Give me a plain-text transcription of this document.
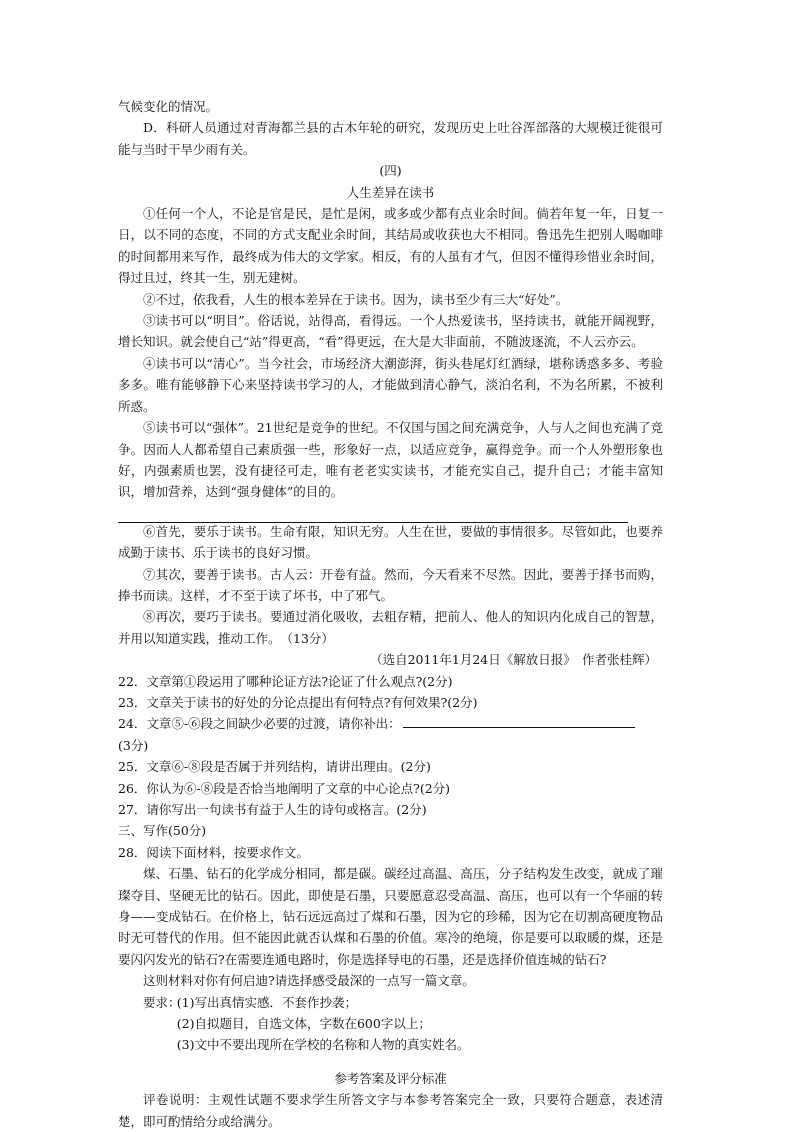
气候变化的情况。

D．科研人员通过对青海都兰县的古木年轮的研究，发现历史上吐谷浑部落的大规模迁徙很可能与当时干旱少雨有关。

(四)

人生差异在读书

①任何一个人，不论是官是民，是忙是闲，或多或少都有点业余时间。倘若年复一年，日复一日，以不同的态度，不同的方式支配业余时间，其结局或收获也大不相同。鲁迅先生把别人喝咖啡的时间都用来写作，最终成为伟大的文学家。相反，有的人虽有才气，但因不懂得珍惜业余时间，得过且过，终其一生，别无建树。

②不过，依我看，人生的根本差异在于读书。因为，读书至少有三大“好处”。

③读书可以“明目”。俗话说，站得高，看得远。一个人热爱读书，坚持读书，就能开阔视野，增长知识。就会使自己“站”得更高，“看”得更远，在大是大非面前，不随波逐流，不人云亦云。

④读书可以“清心”。当今社会，市场经济大潮澎湃，街头巷尾灯红酒绿，堪称诱惑多多、考验多多。唯有能够静下心来坚持读书学习的人，才能做到清心静气，淡泊名利，不为名所累，不被利所惑。

⑤读书可以“强体”。21世纪是竞争的世纪。不仅国与国之间充满竞争，人与人之间也充满了竞争。因而人人都希望自己素质强一些，形象好一点，以适应竞争，赢得竞争。而一个人外塑形象也好，内强素质也罢，没有捷径可走，唯有老老实实读书，才能充实自己，提升自己；才能丰富知识，增加营养，达到“强身健体”的目的。

⑥首先，要乐于读书。生命有限，知识无穷。人生在世，要做的事情很多。尽管如此，也要养成勤于读书、乐于读书的良好习惯。

⑦其次，要善于读书。古人云：开卷有益。然而，今天看来不尽然。因此，要善于择书而购，捧书而读。这样，才不至于读了坏书，中了邪气。

⑧再次，要巧于读书。要通过消化吸收，去粗存精，把前人、他人的知识内化成自己的智慧，并用以知道实践，推动工作。　（13分）

（选自2011年1月24日《解放日报》　作者张桂辉）

22．文章第①段运用了哪种论证方法?论证了什么观点?(2分)

23．文章关于读书的好处的分论点提出有何特点?有何效果?(2分)

24．文章⑤-⑥段之间缺少必要的过渡，请你补出：

(3分)

25．文章⑥-⑧段是否属于并列结构，请讲出理由。(2分)

26．你认为⑥-⑧段是否恰当地阐明了文章的中心论点?(2分)

27．请你写出一句读书有益于人生的诗句或格言。(2分)

三、写作(50分)

28．阅读下面材料，按要求作文。

煤、石墨、钻石的化学成分相同，都是碳。碳经过高温、高压，分子结构发生改变，就成了璀璨夺目、坚硬无比的钻石。因此，即使是石墨，只要愿意忍受高温、高压，也可以有一个华丽的转身——变成钻石。在价格上，钻石远远高过了煤和石墨，因为它的珍稀，因为它在切割高硬度物品时无可替代的作用。但不能因此就否认煤和石墨的价值。寒冷的绝境，你是要可以取暖的煤，还是要闪闪发光的钻石?在需要连通电路时，你是选择导电的石墨，还是选择价值连城的钻石?

这则材料对你有何启迪?请选择感受最深的一点写一篇文章。

要求：

(1)写出真情实感．不套作抄袭；

(2)自拟题目，自选文体，字数在600字以上；

(3)文中不要出现所在学校的名称和人物的真实姓名。

参考答案及评分标准

评卷说明：主观性试题不要求学生所答文字与本参考答案完全一致，只要符合题意，表述清楚，即可酌情给分或给满分。
